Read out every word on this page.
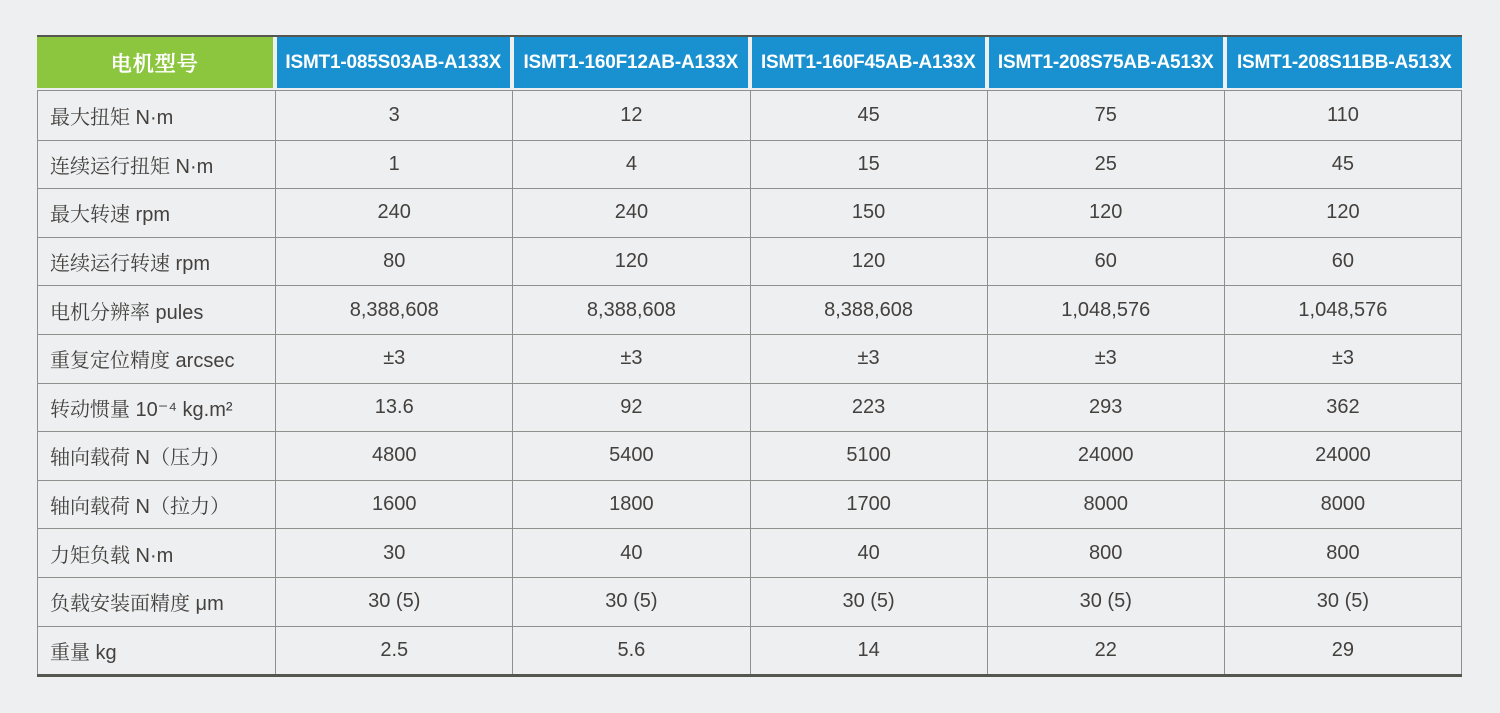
电机型号	ISMT1-085S03AB-A133X	ISMT1-160F12AB-A133X	ISMT1-160F45AB-A133X	ISMT1-208S75AB-A513X	ISMT1-208S11BB-A513X
最大扭矩 N·m	3	12	45	75	110
连续运行扭矩 N·m	1	4	15	25	45
最大转速 rpm	240	240	150	120	120
连续运行转速 rpm	80	120	120	60	60
电机分辨率 pules	8,388,608	8,388,608	8,388,608	1,048,576	1,048,576
重复定位精度 arcsec	±3	±3	±3	±3	±3
转动惯量 10⁻⁴ kg.m²	13.6	92	223	293	362
轴向载荷 N（压力）	4800	5400	5100	24000	24000
轴向载荷 N（拉力）	1600	1800	1700	8000	8000
力矩负载 N·m	30	40	40	800	800
负载安装面精度 μm	30 (5)	30 (5)	30 (5)	30 (5)	30 (5)
重量 kg	2.5	5.6	14	22	29
